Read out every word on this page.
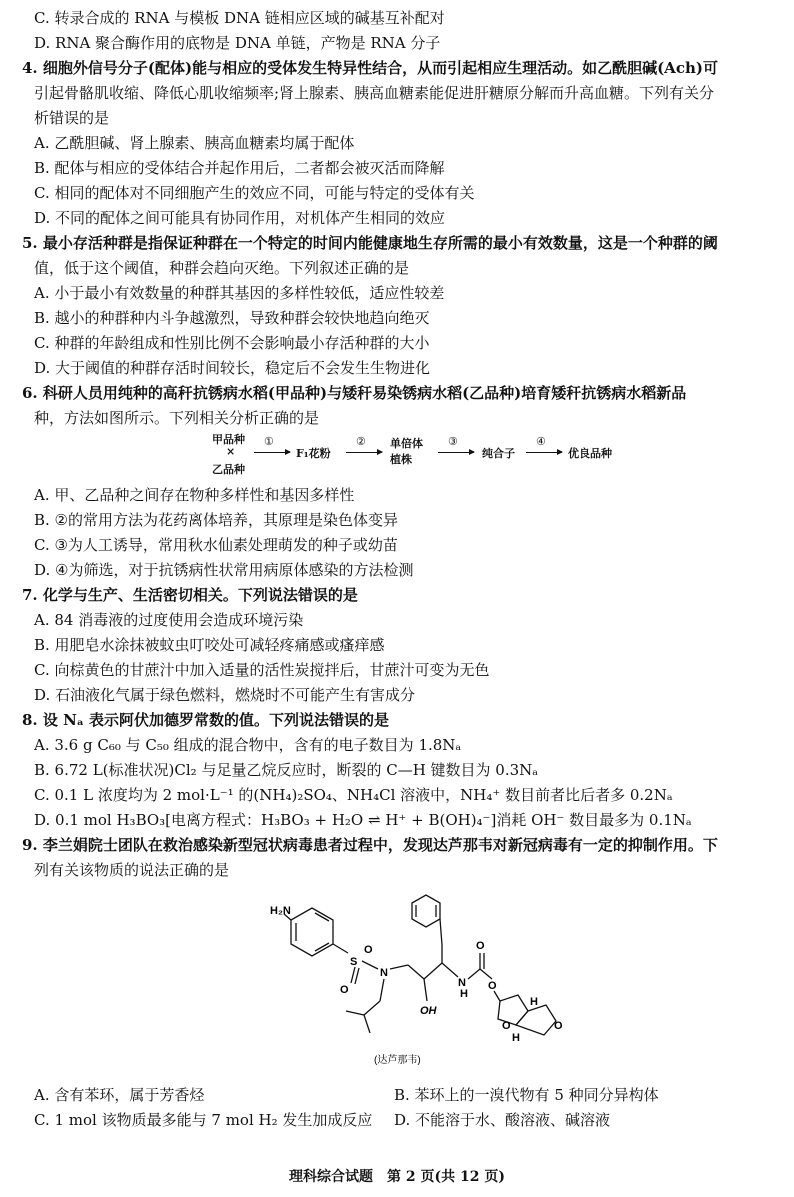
C. 转录合成的 RNA 与模板 DNA 链相应区域的碱基互补配对
D. RNA 聚合酶作用的底物是 DNA 单链，产物是 RNA 分子
4. 细胞外信号分子(配体)能与相应的受体发生特异性结合，从而引起相应生理活动。如乙酰胆碱(Ach)可
引起骨骼肌收缩、降低心肌收缩频率;肾上腺素、胰高血糖素能促进肝糖原分解而升高血糖。下列有关分
析错误的是
A. 乙酰胆碱、肾上腺素、胰高血糖素均属于配体
B. 配体与相应的受体结合并起作用后，二者都会被灭活而降解
C. 相同的配体对不同细胞产生的效应不同，可能与特定的受体有关
D. 不同的配体之间可能具有协同作用，对机体产生相同的效应
5. 最小存活种群是指保证种群在一个特定的时间内能健康地生存所需的最小有效数量，这是一个种群的阈
值，低于这个阈值，种群会趋向灭绝。下列叙述正确的是
A. 小于最小有效数量的种群其基因的多样性较低，适应性较差
B. 越小的种群种内斗争越激烈，导致种群会较快地趋向绝灭
C. 种群的年龄组成和性别比例不会影响最小存活种群的大小
D. 大于阈值的种群存活时间较长，稳定后不会发生生物进化
6. 科研人员用纯种的高秆抗锈病水稻(甲品种)与矮秆易染锈病水稻(乙品种)培育矮秆抗锈病水稻新品
种，方法如图所示。下列相关分析正确的是
甲品种
×
乙品种
①
F₁花粉
② 单倍体
植株
③
纯合子
④
优良品种
A. 甲、乙品种之间存在物种多样性和基因多样性
B. ②的常用方法为花药离体培养，其原理是染色体变异
C. ③为人工诱导，常用秋水仙素处理萌发的种子或幼苗
D. ④为筛选，对于抗锈病性状常用病原体感染的方法检测
7. 化学与生产、生活密切相关。下列说法错误的是
A. 84 消毒液的过度使用会造成环境污染
B. 用肥皂水涂抹被蚊虫叮咬处可减轻疼痛感或瘙痒感
C. 向棕黄色的甘蔗汁中加入适量的活性炭搅拌后，甘蔗汁可变为无色
D. 石油液化气属于绿色燃料，燃烧时不可能产生有害成分
8. 设 Nₐ 表示阿伏加德罗常数的值。下列说法错误的是
A. 3.6 g C₆₀ 与 C₅₀ 组成的混合物中，含有的电子数目为 1.8Nₐ
B. 6.72 L(标准状况)Cl₂ 与足量乙烷反应时，断裂的 C—H 键数目为 0.3Nₐ
C. 0.1 L 浓度均为 2 mol·L⁻¹ 的(NH₄)₂SO₄、NH₄Cl 溶液中，NH₄⁺ 数目前者比后者多 0.2Nₐ
D. 0.1 mol H₃BO₃[电离方程式：H₃BO₃ + H₂O ⇌ H⁺ + B(OH)₄⁻]消耗 OH⁻ 数目最多为 0.1Nₐ
9. 李兰娟院士团队在救治感染新型冠状病毒患者过程中，发现达芦那韦对新冠病毒有一定的抑制作用。下
列有关该物质的说法正确的是
H₂N
S
O
O
N
OH
N
H
O
O
O
H
H
O
(达芦那韦)
A. 含有苯环，属于芳香烃	B. 苯环上的一溴代物有 5 种同分异构体
C. 1 mol 该物质最多能与 7 mol H₂ 发生加成反应	D. 不能溶于水、酸溶液、碱溶液
理科综合试题　第 2 页(共 12 页)
